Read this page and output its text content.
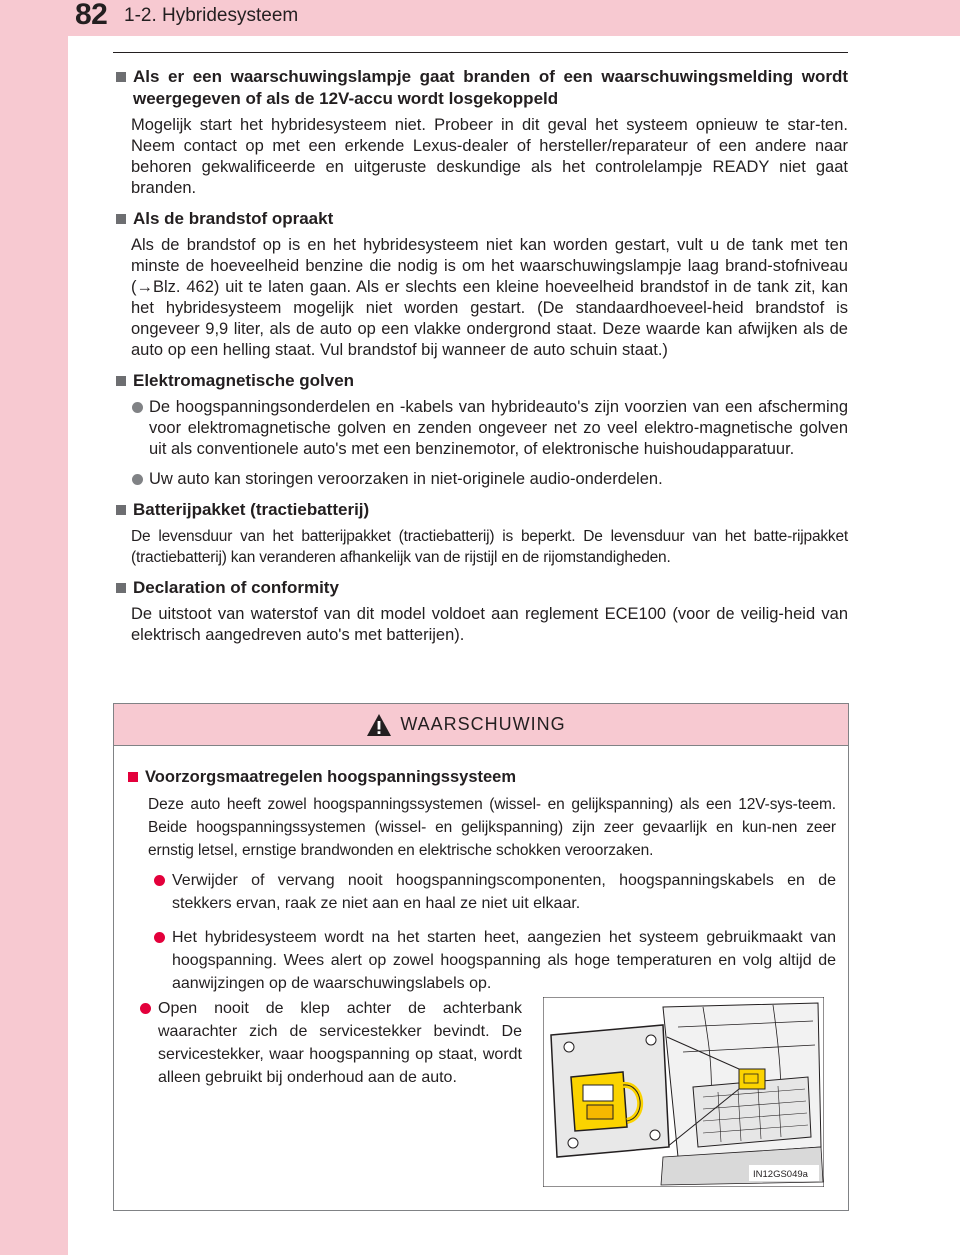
82 1-2. Hybridesysteem
Als er een waarschuwingslampje gaat branden of een waarschuwingsmelding wordt weergegeven of als de 12V-accu wordt losgekoppeld
Mogelijk start het hybridesysteem niet. Probeer in dit geval het systeem opnieuw te star-ten. Neem contact op met een erkende Lexus-dealer of hersteller/reparateur of een andere naar behoren gekwalificeerde en uitgeruste deskundige als het controlelampje READY niet gaat branden.
Als de brandstof opraakt
Als de brandstof op is en het hybridesysteem niet kan worden gestart, vult u de tank met ten minste de hoeveelheid benzine die nodig is om het waarschuwingslampje laag brand-stofniveau (→Blz. 462) uit te laten gaan. Als er slechts een kleine hoeveelheid brandstof in de tank zit, kan het hybridesysteem mogelijk niet worden gestart. (De standaardhoeveel-heid brandstof is ongeveer 9,9 liter, als de auto op een vlakke ondergrond staat. Deze waarde kan afwijken als de auto op een helling staat. Vul brandstof bij wanneer de auto schuin staat.)
Elektromagnetische golven
De hoogspanningsonderdelen en -kabels van hybrideauto's zijn voorzien van een afscherming voor elektromagnetische golven en zenden ongeveer net zo veel elektro-magnetische golven uit als conventionele auto's met een benzinemotor, of elektronische huishoudapparatuur.
Uw auto kan storingen veroorzaken in niet-originele audio-onderdelen.
Batterijpakket (tractiebatterij)
De levensduur van het batterijpakket (tractiebatterij) is beperkt. De levensduur van het batte-rijpakket (tractiebatterij) kan veranderen afhankelijk van de rijstijl en de rijomstandigheden.
Declaration of conformity
De uitstoot van waterstof van dit model voldoet aan reglement ECE100 (voor de veilig-heid van elektrisch aangedreven auto's met batterijen).
WAARSCHUWING
Voorzorgsmaatregelen hoogspanningssysteem
Deze auto heeft zowel hoogspanningssystemen (wissel- en gelijkspanning) als een 12V-sys-teem. Beide hoogspanningssystemen (wissel- en gelijkspanning) zijn zeer gevaarlijk en kun-nen zeer ernstig letsel, ernstige brandwonden en elektrische schokken veroorzaken.
Verwijder of vervang nooit hoogspanningscomponenten, hoogspanningskabels en de stekkers ervan, raak ze niet aan en haal ze niet uit elkaar.
Het hybridesysteem wordt na het starten heet, aangezien het systeem gebruikmaakt van hoogspanning. Wees alert op zowel hoogspanning als hoge temperaturen en volg altijd de aanwijzingen op de waarschuwingslabels op.
Open nooit de klep achter de achterbank waarachter zich de servicestekker bevindt. De servicestekker, waar hoogspanning op staat, wordt alleen gebruikt bij onderhoud aan de auto.
IN12GS049a
